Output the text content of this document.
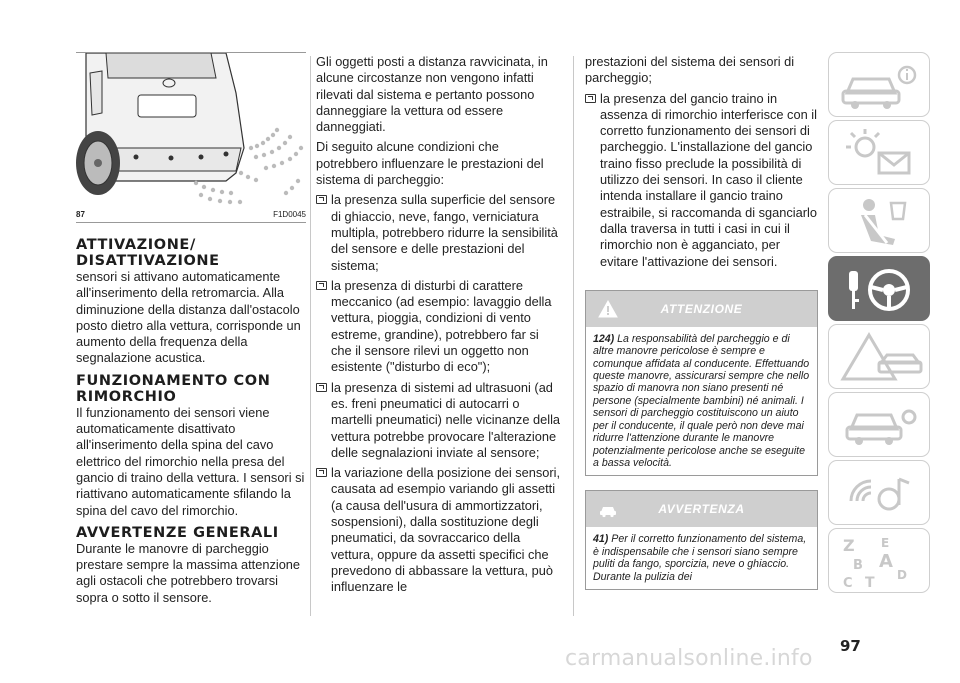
87	F1D0045
ATTIVAZIONE/ DISATTIVAZIONE

sensori si attivano automaticamente all'inserimento della retromarcia. Alla diminuzione della distanza dall'ostacolo posto dietro alla vettura, corrisponde un aumento della frequenza della segnalazione acustica.

FUNZIONAMENTO CON RIMORCHIO

Il funzionamento dei sensori viene automaticamente disattivato all'inserimento della spina del cavo elettrico del rimorchio nella presa del gancio di traino della vettura. I sensori si riattivano automaticamente sfilando la spina del cavo del rimorchio.

AVVERTENZE GENERALI

Durante le manovre di parcheggio prestare sempre la massima attenzione agli ostacoli che potrebbero trovarsi sopra o sotto il sensore.

Gli oggetti posti a distanza ravvicinata, in alcune circostanze non vengono infatti rilevati dal sistema e pertanto possono danneggiare la vettura od essere danneggiati.

Di seguito alcune condizioni che potrebbero influenzare le prestazioni del sistema di parcheggio:

la presenza sulla superficie del sensore di ghiaccio, neve, fango, verniciatura multipla, potrebbero ridurre la sensibilità del sensore e delle prestazioni del sistema;

la presenza di disturbi di carattere meccanico (ad esempio: lavaggio della vettura, pioggia, condizioni di vento estreme, grandine), potrebbero far si che il sensore rilevi un oggetto non esistente ("disturbo di eco");

la presenza di sistemi ad ultrasuoni (ad es. freni pneumatici di autocarri o martelli pneumatici) nelle vicinanze della vettura potrebbe provocare l'alterazione delle segnalazioni inviate al sensore;

la variazione della posizione dei sensori, causata ad esempio variando gli assetti (a causa dell'usura di ammortizzatori, sospensioni), dalla sostituzione degli pneumatici, da sovraccarico della vettura, oppure da assetti specifici che prevedono di abbassare la vettura, può influenzare le

prestazioni del sistema dei sensori di parcheggio;

la presenza del gancio traino in assenza di rimorchio interferisce con il corretto funzionamento dei sensori di parcheggio. L'installazione del gancio traino fisso preclude la possibilità di utilizzo dei sensori. In caso il cliente intenda installare il gancio traino estraibile, si raccomanda di sganciarlo dalla traversa in tutti i casi in cui il rimorchio non è agganciato, per evitare l'attivazione dei sensori.

ATTENZIONE
124) La responsabilità del parcheggio e di altre manovre pericolose è sempre e comunque affidata al conducente. Effettuando queste manovre, assicurarsi sempre che nello spazio di manovra non siano presenti né persone (specialmente bambini) né animali. I sensori di parcheggio costituiscono un aiuto per il conducente, il quale però non deve mai ridurre l'attenzione durante le manovre potenzialmente pericolose anche se eseguite a bassa velocità.
AVVERTENZA
41) Per il corretto funzionamento del sistema, è indispensabile che i sensori siano sempre puliti da fango, sporcizia, neve o ghiaccio. Durante la pulizia dei
Z E
B A
C T D
97
carmanualsonline.info
